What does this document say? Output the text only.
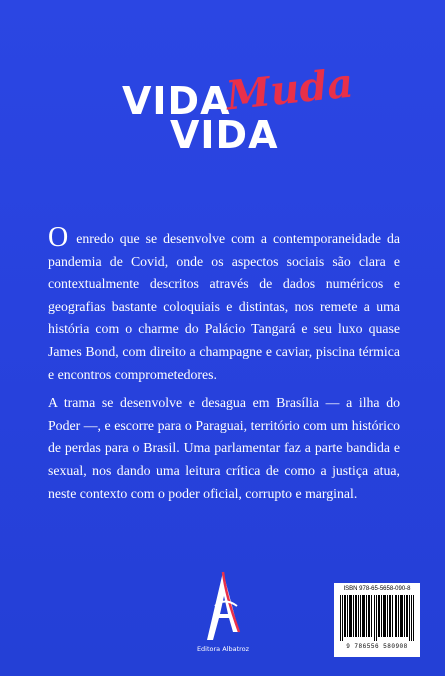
VIDA
Muda
VIDA

O enredo que se desenvolve com a contemporaneidade da pandemia de Covid, onde os aspectos sociais são clara e contextualmente descritos através de dados numéricos e geografias bastante coloquiais e distintas, nos remete a uma história com o charme do Palácio Tangará e seu luxo quase James Bond, com direito a champagne e caviar, piscina térmica e encontros comprometedores.

A trama se desenvolve e desagua em Brasília — a ilha do Poder —, e escorre para o Paraguai, território com um histórico de perdas para o Brasil. Uma parlamentar faz a parte bandida e sexual, nos dando uma leitura crítica de como a justiça atua, neste contexto com o poder oficial, corrupto e marginal.

Editora Albatroz
ISBN 978-65-5658-090-8
9 786556 580908
